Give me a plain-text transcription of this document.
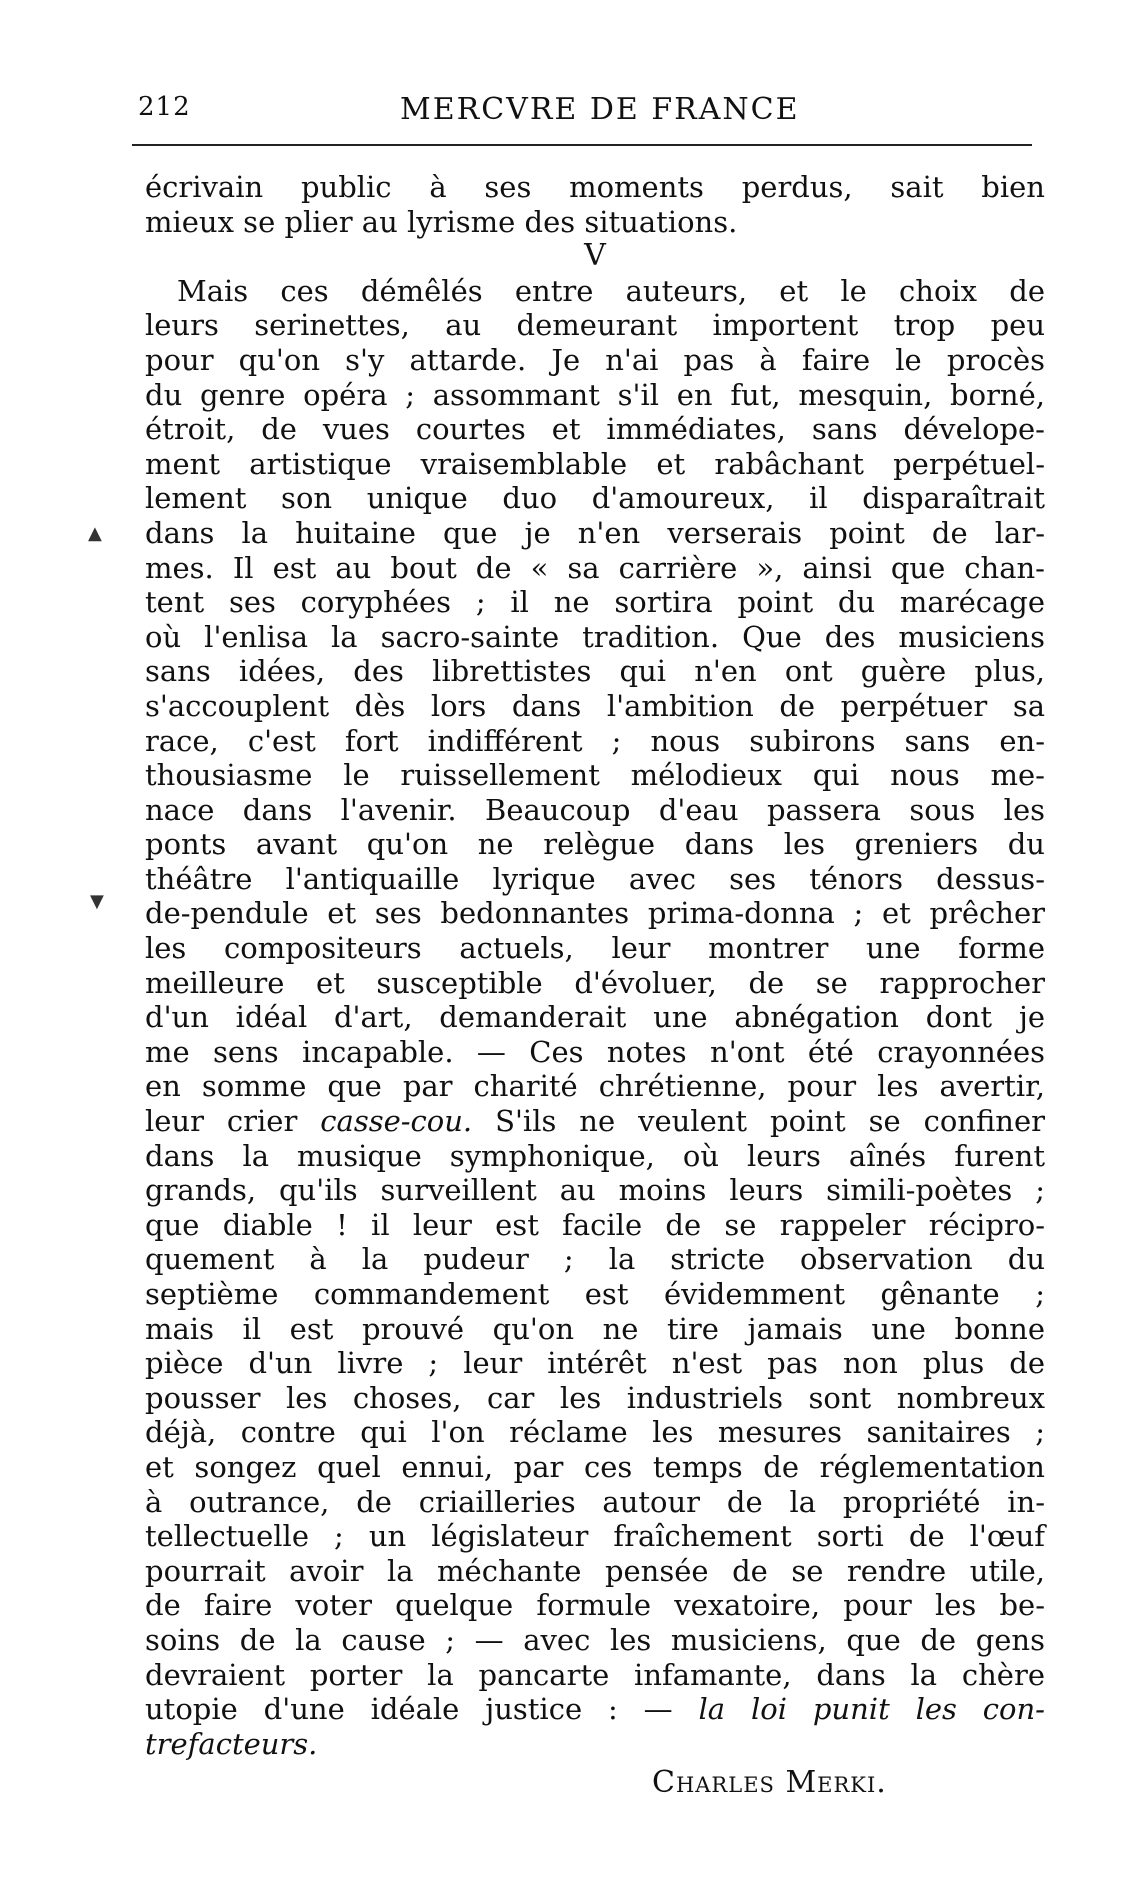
212	MERCVRE DE FRANCE
écrivain public à ses moments perdus, sait bien
mieux se plier au lyrisme des situations.
V
Mais ces démêlés entre auteurs, et le choix de
leurs serinettes, au demeurant importent trop peu
pour qu'on s'y attarde. Je n'ai pas à faire le procès
du genre opéra ; assommant s'il en fut, mesquin, borné,
étroit, de vues courtes et immédiates, sans dévelope-
ment artistique vraisemblable et rabâchant perpétuel-
lement son unique duo d'amoureux, il disparaîtrait
dans la huitaine que je n'en verserais point de lar-
mes. Il est au bout de « sa carrière », ainsi que chan-
tent ses coryphées ; il ne sortira point du marécage
où l'enlisa la sacro-sainte tradition. Que des musiciens
sans idées, des librettistes qui n'en ont guère plus,
s'accouplent dès lors dans l'ambition de perpétuer sa
race, c'est fort indifférent ; nous subirons sans en-
thousiasme le ruissellement mélodieux qui nous me-
nace dans l'avenir. Beaucoup d'eau passera sous les
ponts avant qu'on ne relègue dans les greniers du
théâtre l'antiquaille lyrique avec ses ténors dessus-
de-pendule et ses bedonnantes prima-donna ; et prêcher
les compositeurs actuels, leur montrer une forme
meilleure et susceptible d'évoluer, de se rapprocher
d'un idéal d'art, demanderait une abnégation dont je
me sens incapable. — Ces notes n'ont été crayonnées
en somme que par charité chrétienne, pour les avertir,
leur crier casse-cou. S'ils ne veulent point se confiner
dans la musique symphonique, où leurs aînés furent
grands, qu'ils surveillent au moins leurs simili-poètes ;
que diable ! il leur est facile de se rappeler récipro-
quement à la pudeur ; la stricte observation du
septième commandement est évidemment gênante ;
mais il est prouvé qu'on ne tire jamais une bonne
pièce d'un livre ; leur intérêt n'est pas non plus de
pousser les choses, car les industriels sont nombreux
déjà, contre qui l'on réclame les mesures sanitaires ;
et songez quel ennui, par ces temps de réglementation
à outrance, de criailleries autour de la propriété in-
tellectuelle ; un législateur fraîchement sorti de l'œuf
pourrait avoir la méchante pensée de se rendre utile,
de faire voter quelque formule vexatoire, pour les be-
soins de la cause ; — avec les musiciens, que de gens
devraient porter la pancarte infamante, dans la chère
utopie d'une idéale justice : — la loi punit les con-
trefacteurs.
Charles Merki.
▲
▼
